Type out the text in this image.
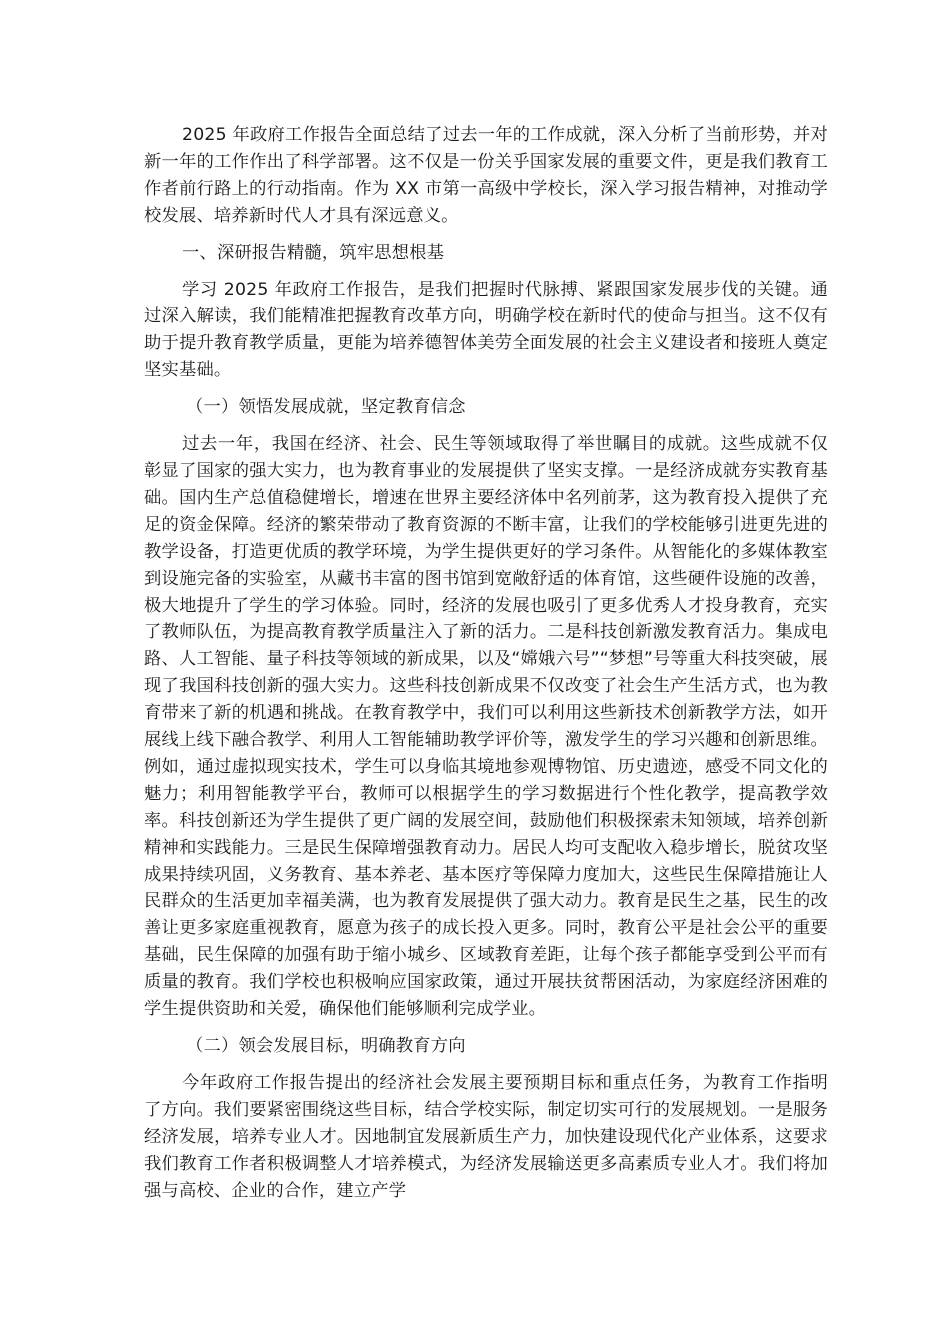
2025 年政府工作报告全面总结了过去一年的工作成就，深入分析了当前形势，并对新一年的工作作出了科学部署。这不仅是一份关乎国家发展的重要文件，更是我们教育工作者前行路上的行动指南。作为 XX 市第一高级中学校长，深入学习报告精神，对推动学校发展、培养新时代人才具有深远意义。

一、深研报告精髓，筑牢思想根基

学习 2025 年政府工作报告，是我们把握时代脉搏、紧跟国家发展步伐的关键。通过深入解读，我们能精准把握教育改革方向，明确学校在新时代的使命与担当。这不仅有助于提升教育教学质量，更能为培养德智体美劳全面发展的社会主义建设者和接班人奠定坚实基础。

（一）领悟发展成就，坚定教育信念

过去一年，我国在经济、社会、民生等领域取得了举世瞩目的成就。这些成就不仅彰显了国家的强大实力，也为教育事业的发展提供了坚实支撑。一是经济成就夯实教育基础。国内生产总值稳健增长，增速在世界主要经济体中名列前茅，这为教育投入提供了充足的资金保障。经济的繁荣带动了教育资源的不断丰富，让我们的学校能够引进更先进的教学设备，打造更优质的教学环境，为学生提供更好的学习条件。从智能化的多媒体教室到设施完备的实验室，从藏书丰富的图书馆到宽敞舒适的体育馆，这些硬件设施的改善，极大地提升了学生的学习体验。同时，经济的发展也吸引了更多优秀人才投身教育，充实了教师队伍，为提高教育教学质量注入了新的活力。二是科技创新激发教育活力。集成电路、人工智能、量子科技等领域的新成果，以及“嫦娥六号”“梦想”号等重大科技突破，展现了我国科技创新的强大实力。这些科技创新成果不仅改变了社会生产生活方式，也为教育带来了新的机遇和挑战。在教育教学中，我们可以利用这些新技术创新教学方法，如开展线上线下融合教学、利用人工智能辅助教学评价等，激发学生的学习兴趣和创新思维。例如，通过虚拟现实技术，学生可以身临其境地参观博物馆、历史遗迹，感受不同文化的魅力；利用智能教学平台，教师可以根据学生的学习数据进行个性化教学，提高教学效率。科技创新还为学生提供了更广阔的发展空间，鼓励他们积极探索未知领域，培养创新精神和实践能力。三是民生保障增强教育动力。居民人均可支配收入稳步增长，脱贫攻坚成果持续巩固，义务教育、基本养老、基本医疗等保障力度加大，这些民生保障措施让人民群众的生活更加幸福美满，也为教育发展提供了强大动力。教育是民生之基，民生的改善让更多家庭重视教育，愿意为孩子的成长投入更多。同时，教育公平是社会公平的重要基础，民生保障的加强有助于缩小城乡、区域教育差距，让每个孩子都能享受到公平而有质量的教育。我们学校也积极响应国家政策，通过开展扶贫帮困活动，为家庭经济困难的学生提供资助和关爱，确保他们能够顺利完成学业。

（二）领会发展目标，明确教育方向

今年政府工作报告提出的经济社会发展主要预期目标和重点任务，为教育工作指明了方向。我们要紧密围绕这些目标，结合学校实际，制定切实可行的发展规划。一是服务经济发展，培养专业人才。因地制宜发展新质生产力，加快建设现代化产业体系，这要求我们教育工作者积极调整人才培养模式，为经济发展输送更多高素质专业人才。我们将加强与高校、企业的合作，建立产学
